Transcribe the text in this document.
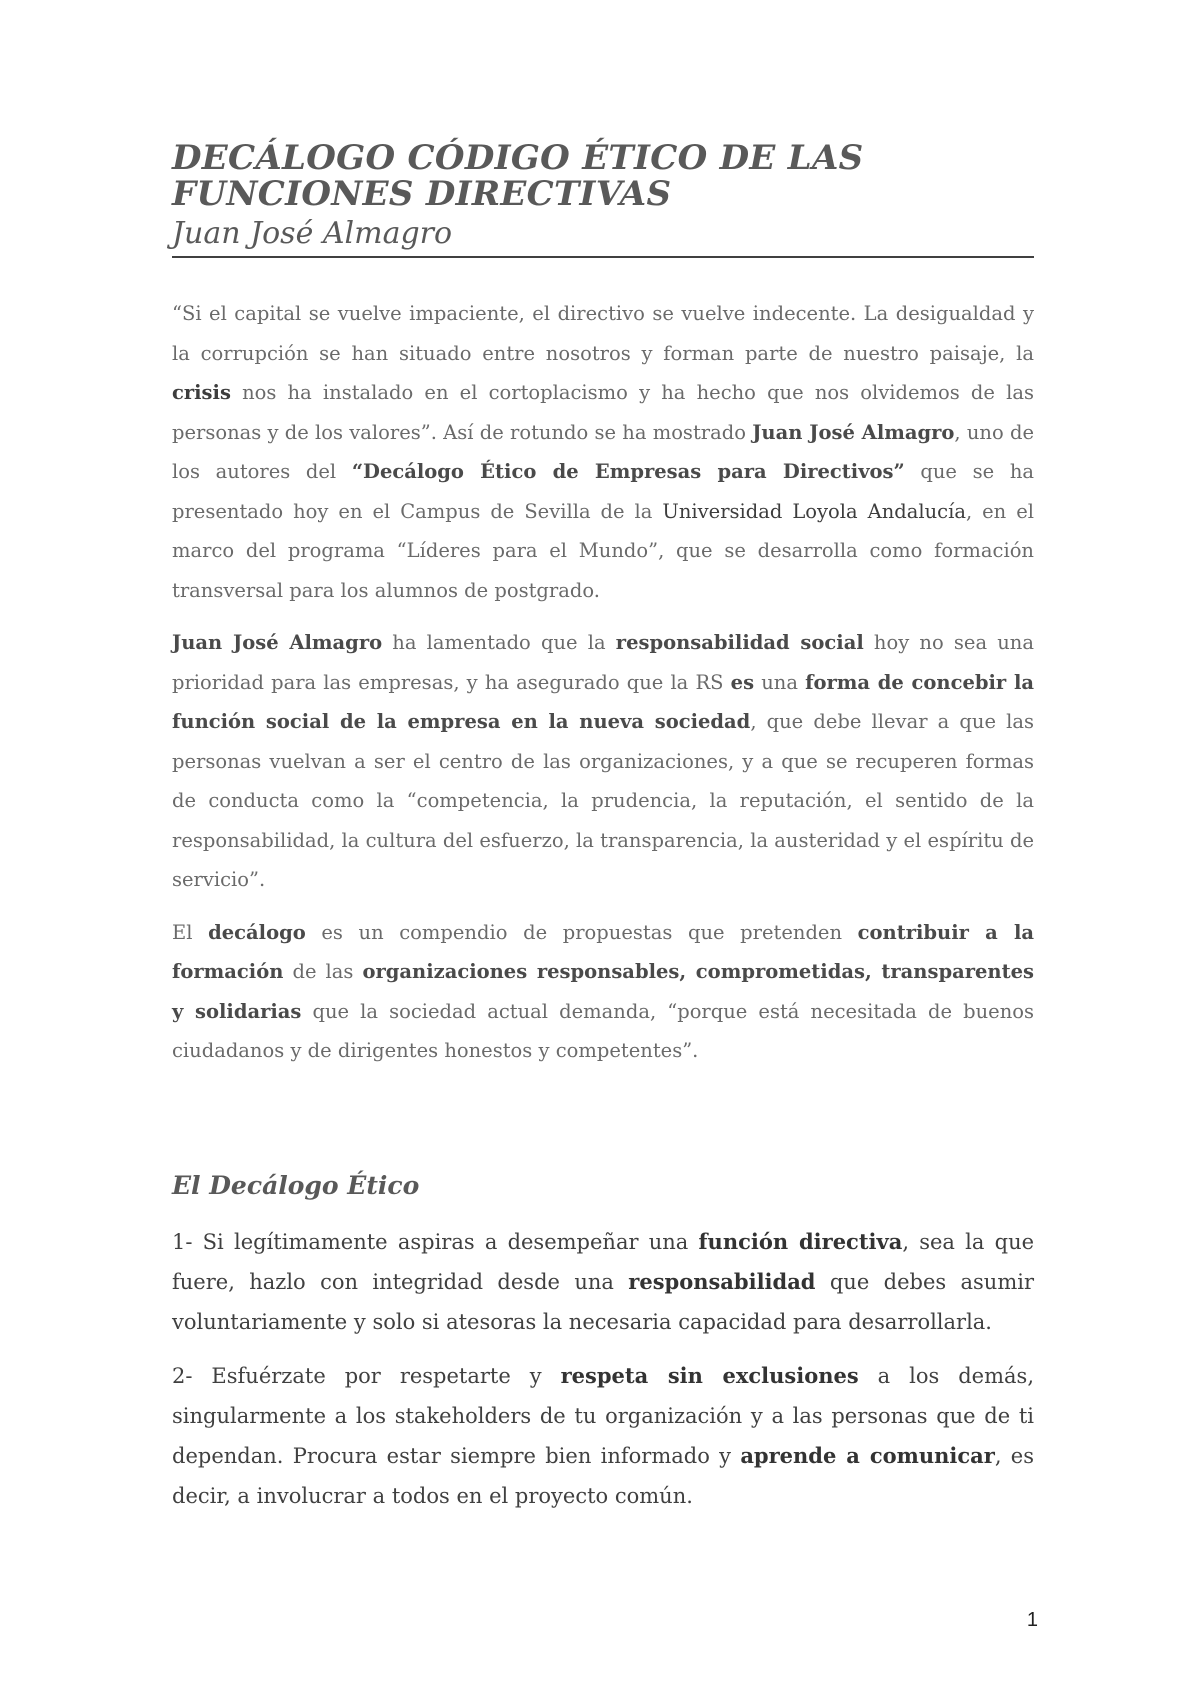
DECÁLOGO CÓDIGO ÉTICO DE LAS FUNCIONES DIRECTIVAS
Juan José Almagro

“Si el capital se vuelve impaciente, el directivo se vuelve indecente. La desigualdad y la corrupción se han situado entre nosotros y forman parte de nuestro paisaje, la crisis nos ha instalado en el cortoplacismo y ha hecho que nos olvidemos de las personas y de los valores”. Así de rotundo se ha mostrado Juan José Almagro, uno de los autores del “Decálogo Ético de Empresas para Directivos” que se ha presentado hoy en el Campus de Sevilla de la Universidad Loyola Andalucía, en el marco del programa “Líderes para el Mundo”, que se desarrolla como formación transversal para los alumnos de postgrado.

Juan José Almagro ha lamentado que la responsabilidad social hoy no sea una prioridad para las empresas, y ha asegurado que la RS es una forma de concebir la función social de la empresa en la nueva sociedad, que debe llevar a que las personas vuelvan a ser el centro de las organizaciones, y a que se recuperen formas de conducta como la “competencia, la prudencia, la reputación, el sentido de la responsabilidad, la cultura del esfuerzo, la transparencia, la austeridad y el espíritu de servicio”.

El decálogo es un compendio de propuestas que pretenden contribuir a la formación de las organizaciones responsables, comprometidas, transparentes y solidarias que la sociedad actual demanda, “porque está necesitada de buenos ciudadanos y de dirigentes honestos y competentes”.

El Decálogo Ético

1- Si legítimamente aspiras a desempeñar una función directiva, sea la que fuere, hazlo con integridad desde una responsabilidad que debes asumir voluntariamente y solo si atesoras la necesaria capacidad para desarrollarla.

2- Esfuérzate por respetarte y respeta sin exclusiones a los demás, singularmente a los stakeholders de tu organización y a las personas que de ti dependan. Procura estar siempre bien informado y aprende a comunicar, es decir, a involucrar a todos en el proyecto común.

1
